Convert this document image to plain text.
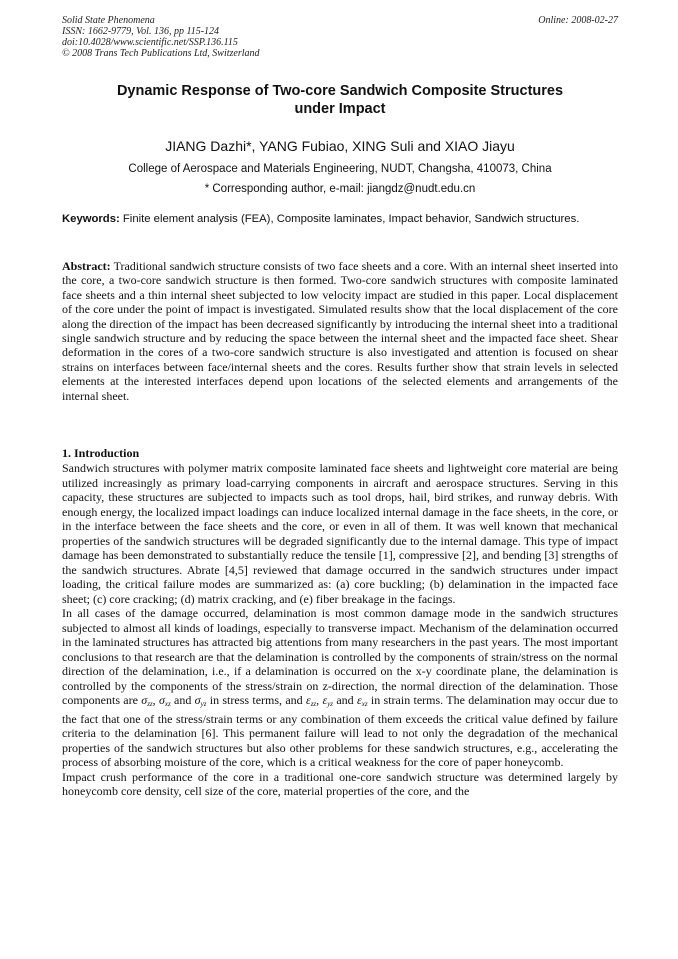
Solid State Phenomena
ISSN: 1662-9779, Vol. 136, pp 115-124
doi:10.4028/www.scientific.net/SSP.136.115
© 2008 Trans Tech Publications Ltd, Switzerland
Online: 2008-02-27
Dynamic Response of Two-core Sandwich Composite Structures
under Impact
JIANG Dazhi*, YANG Fubiao, XING Suli and XIAO Jiayu
College of Aerospace and Materials Engineering, NUDT, Changsha, 410073, China
* Corresponding author, e-mail: jiangdz@nudt.edu.cn
Keywords: Finite element analysis (FEA), Composite laminates, Impact behavior, Sandwich structures.
Abstract: Traditional sandwich structure consists of two face sheets and a core. With an internal sheet inserted into the core, a two-core sandwich structure is then formed. Two-core sandwich structures with composite laminated face sheets and a thin internal sheet subjected to low velocity impact are studied in this paper. Local displacement of the core under the point of impact is investigated. Simulated results show that the local displacement of the core along the direction of the impact has been decreased significantly by introducing the internal sheet into a traditional single sandwich structure and by reducing the space between the internal sheet and the impacted face sheet. Shear deformation in the cores of a two-core sandwich structure is also investigated and attention is focused on shear strains on interfaces between face/internal sheets and the cores. Results further show that strain levels in selected elements at the interested interfaces depend upon locations of the selected elements and arrangements of the internal sheet.
1. Introduction

Sandwich structures with polymer matrix composite laminated face sheets and lightweight core material are being utilized increasingly as primary load-carrying components in aircraft and aerospace structures. Serving in this capacity, these structures are subjected to impacts such as tool drops, hail, bird strikes, and runway debris. With enough energy, the localized impact loadings can induce localized internal damage in the face sheets, in the core, or in the interface between the face sheets and the core, or even in all of them. It was well known that mechanical properties of the sandwich structures will be degraded significantly due to the internal damage. This type of impact damage has been demonstrated to substantially reduce the tensile [1], compressive [2], and bending [3] strengths of the sandwich structures. Abrate [4,5] reviewed that damage occurred in the sandwich structures under impact loading, the critical failure modes are summarized as: (a) core buckling; (b) delamination in the impacted face sheet; (c) core cracking; (d) matrix cracking, and (e) fiber breakage in the facings.

In all cases of the damage occurred, delamination is most common damage mode in the sandwich structures subjected to almost all kinds of loadings, especially to transverse impact. Mechanism of the delamination occurred in the laminated structures has attracted big attentions from many researchers in the past years. The most important conclusions to that research are that the delamination is controlled by the components of strain/stress on the normal direction of the delamination, i.e., if a delamination is occurred on the x-y coordinate plane, the delamination is controlled by the components of the stress/strain on z-direction, the normal direction of the delamination. Those components are $\sigma_{zz}$, $\sigma_{xz}$ and $\sigma_{yz}$ in stress terms, and $\varepsilon_{zz}$, $\varepsilon_{yz}$ and $\varepsilon_{xz}$ in strain terms. The delamination may occur due to the fact that one of the stress/strain terms or any combination of them exceeds the critical value defined by failure criteria to the delamination [6]. This permanent failure will lead to not only the degradation of the mechanical properties of the sandwich structures but also other problems for these sandwich structures, e.g., accelerating the process of absorbing moisture of the core, which is a critical weakness for the core of paper honeycomb.

Impact crush performance of the core in a traditional one-core sandwich structure was determined largely by honeycomb core density, cell size of the core, material properties of the core, and the
